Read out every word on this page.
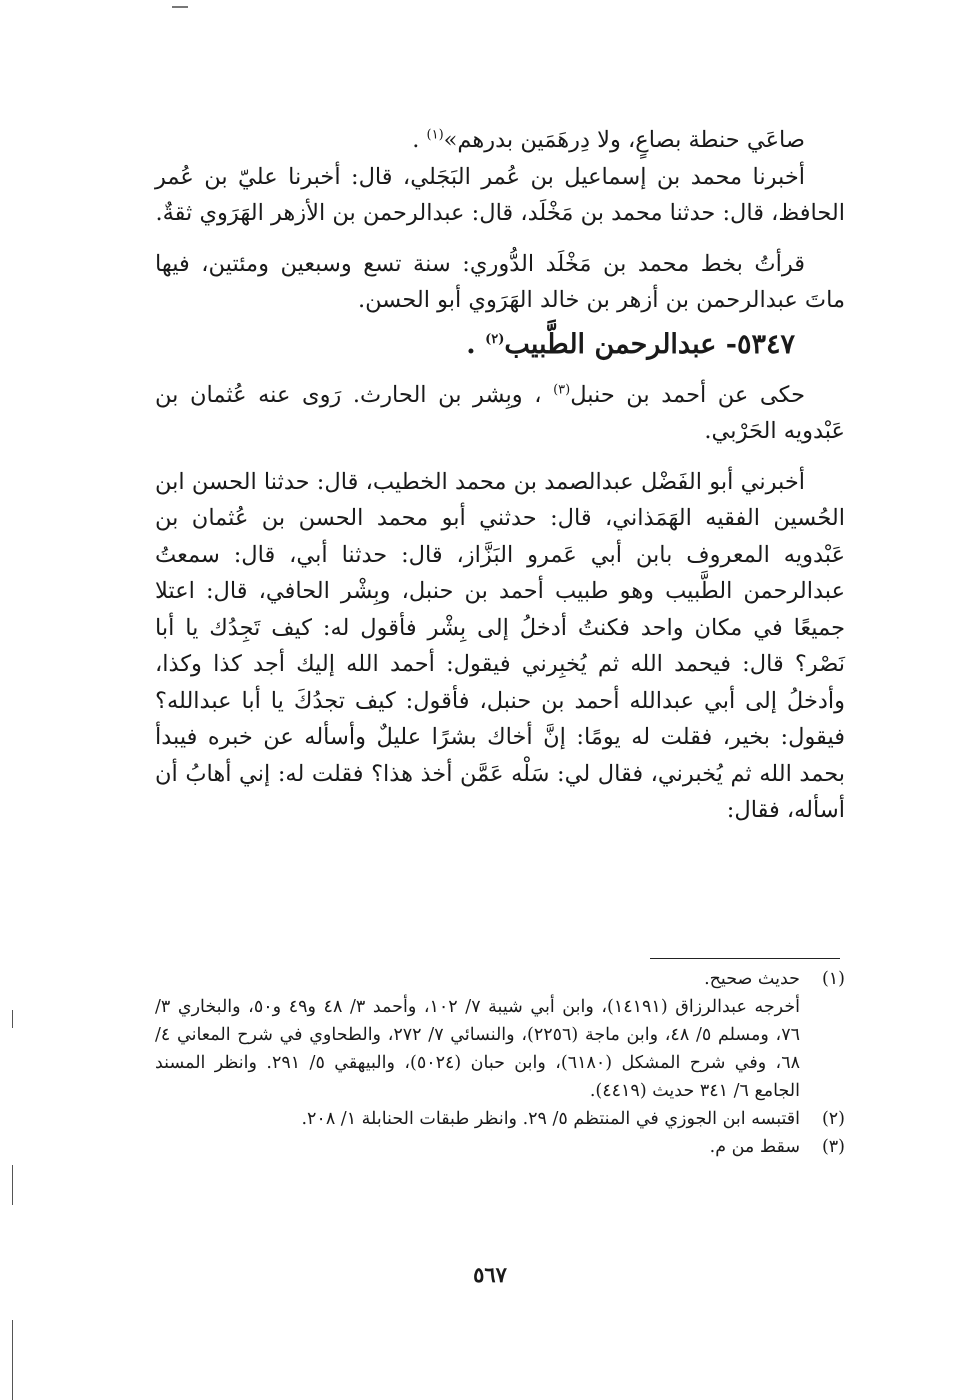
صاعَي حنطة بصاعٍ، ولا دِرهَمَين بدرهم»$^{(١)}$ .

أخبرنا محمد بن إسماعيل بن عُمر البَجَلي، قال: أخبرنا عليّ بن عُمر الحافظ، قال: حدثنا محمد بن مَخْلَد، قال: عبدالرحمن بن الأزهر الهَرَوي ثقةٌ.

قرأتُ بخط محمد بن مَخْلَد الدُّوري: سنة تسع وسبعين ومئتين، فيها ماتَ عبدالرحمن بن أزهر بن خالد الهَرَوي أبو الحسن.

٥٣٤٧- عبدالرحمن الطَّبيب$^{(٢)}$ .

حكى عن أحمد بن حنبل$^{(٣)}$ ، وبِشر بن الحارث. رَوى عنه عُثمان بن عَبْدويه الحَرْبي.

أخبرني أبو الفَضْل عبدالصمد بن محمد الخطيب، قال: حدثنا الحسن ابن الحُسين الفقيه الهَمَذاني، قال: حدثني أبو محمد الحسن بن عُثمان بن عَبْدويه المعروف بابن أبي عَمرو البَزَّاز، قال: حدثنا أبي، قال: سمعتُ عبدالرحمن الطَّبيب وهو طبيب أحمد بن حنبل، وبِشْر الحافي، قال: اعتلا جميعًا في مكان واحد فكنتُ أدخلُ إلى بِشْر فأقول له: كيف تَجِدُك يا أبا نَصْر؟ قال: فيحمد الله ثم يُخبِرني فيقول: أحمد الله إليك أجد كذا وكذا، وأدخلُ إلى أبي عبدالله أحمد بن حنبل، فأقول: كيف تجدُكَ يا أبا عبدالله؟ فيقول: بخير، فقلت له يومًا: إنَّ أخاك بشرًا عليلٌ وأسأله عن خبره فيبدأ بحمد الله ثم يُخبرني، فقال لي: سَلْه عَمَّن أخذ هذا؟ فقلت له: إني أهابُ أن أسأله، فقال:

(١)

حديث صحيح.

أخرجه عبدالرزاق (١٤١٩١)، وابن أبي شيبة ٧/ ١٠٢، وأحمد ٣/ ٤٨ و٤٩ و٥٠، والبخاري ٣/ ٧٦، ومسلم ٥/ ٤٨، وابن ماجة (٢٢٥٦)، والنسائي ٧/ ٢٧٢، والطحاوي في شرح المعاني ٤/ ٦٨، وفي شرح المشكل (٦١٨٠)، وابن حبان (٥٠٢٤)، والبيهقي ٥/ ٢٩١. وانظر المسند الجامع ٦/ ٣٤١ حديث (٤٤١٩).

(٢)

اقتبسه ابن الجوزي في المنتظم ٥/ ٢٩. وانظر طبقات الحنابلة ١/ ٢٠٨.

(٣)

سقط من م.

٥٦٧
